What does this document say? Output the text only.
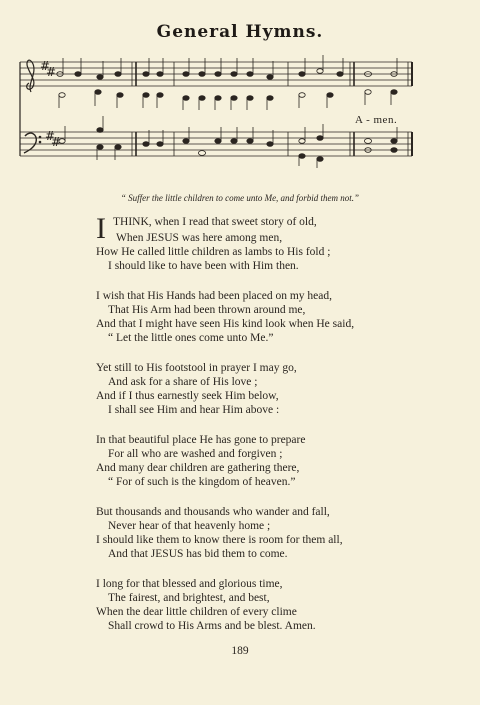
General Hymns.
#
#
#
#
A - men.
“ Suffer the little children to come unto Me, and forbid them not.”
I THINK, when I read that sweet story of old,
When JESUS was here among men,
How He called little children as lambs to His fold ;
I should like to have been with Him then.
I wish that His Hands had been placed on my head,
That His Arm had been thrown around me,
And that I might have seen His kind look when He said,
“ Let the little ones come unto Me.”
Yet still to His footstool in prayer I may go,
And ask for a share of His love ;
And if I thus earnestly seek Him below,
I shall see Him and hear Him above :
In that beautiful place He has gone to prepare
For all who are washed and forgiven ;
And many dear children are gathering there,
“ For of such is the kingdom of heaven.”
But thousands and thousands who wander and fall,
Never hear of that heavenly home ;
I should like them to know there is room for them all,
And that JESUS has bid them to come.
I long for that blessed and glorious time,
The fairest, and brightest, and best,
When the dear little children of every clime
Shall crowd to His Arms and be blest. Amen.
189
